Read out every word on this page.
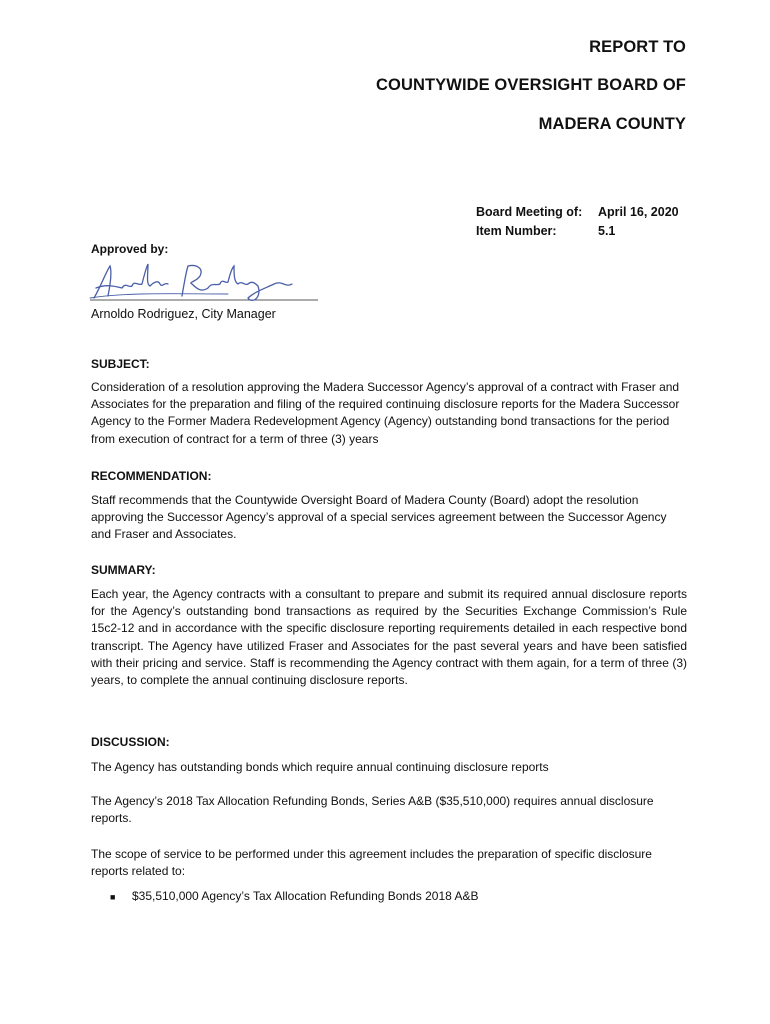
REPORT TO
COUNTYWIDE OVERSIGHT BOARD OF
MADERA COUNTY
Board Meeting of:	April 16, 2020
Item Number:	5.1
Approved by:
Arnoldo Rodriguez, City Manager
SUBJECT:
Consideration of a resolution approving the Madera Successor Agency’s approval of a contract with Fraser and Associates for the preparation and filing of the required continuing disclosure reports for the Madera Successor Agency to the Former Madera Redevelopment Agency (Agency) outstanding bond transactions for the period from execution of contract for a term of three (3) years
RECOMMENDATION:
Staff recommends that the Countywide Oversight Board of Madera County (Board) adopt the resolution approving the Successor Agency’s approval of a special services agreement between the Successor Agency and Fraser and Associates.
SUMMARY:
Each year, the Agency contracts with a consultant to prepare and submit its required annual disclosure reports for the Agency’s outstanding bond transactions as required by the Securities Exchange Commission’s Rule 15c2-12 and in accordance with the specific disclosure reporting requirements detailed in each respective bond transcript. The Agency have utilized Fraser and Associates for the past several years and have been satisfied with their pricing and service. Staff is recommending the Agency contract with them again, for a term of three (3) years, to complete the annual continuing disclosure reports.
DISCUSSION:
The Agency has outstanding bonds which require annual continuing disclosure reports
The Agency’s 2018 Tax Allocation Refunding Bonds, Series A&B ($35,510,000) requires annual disclosure reports.
The scope of service to be performed under this agreement includes the preparation of specific disclosure reports related to:
■	$35,510,000 Agency’s Tax Allocation Refunding Bonds 2018 A&B
